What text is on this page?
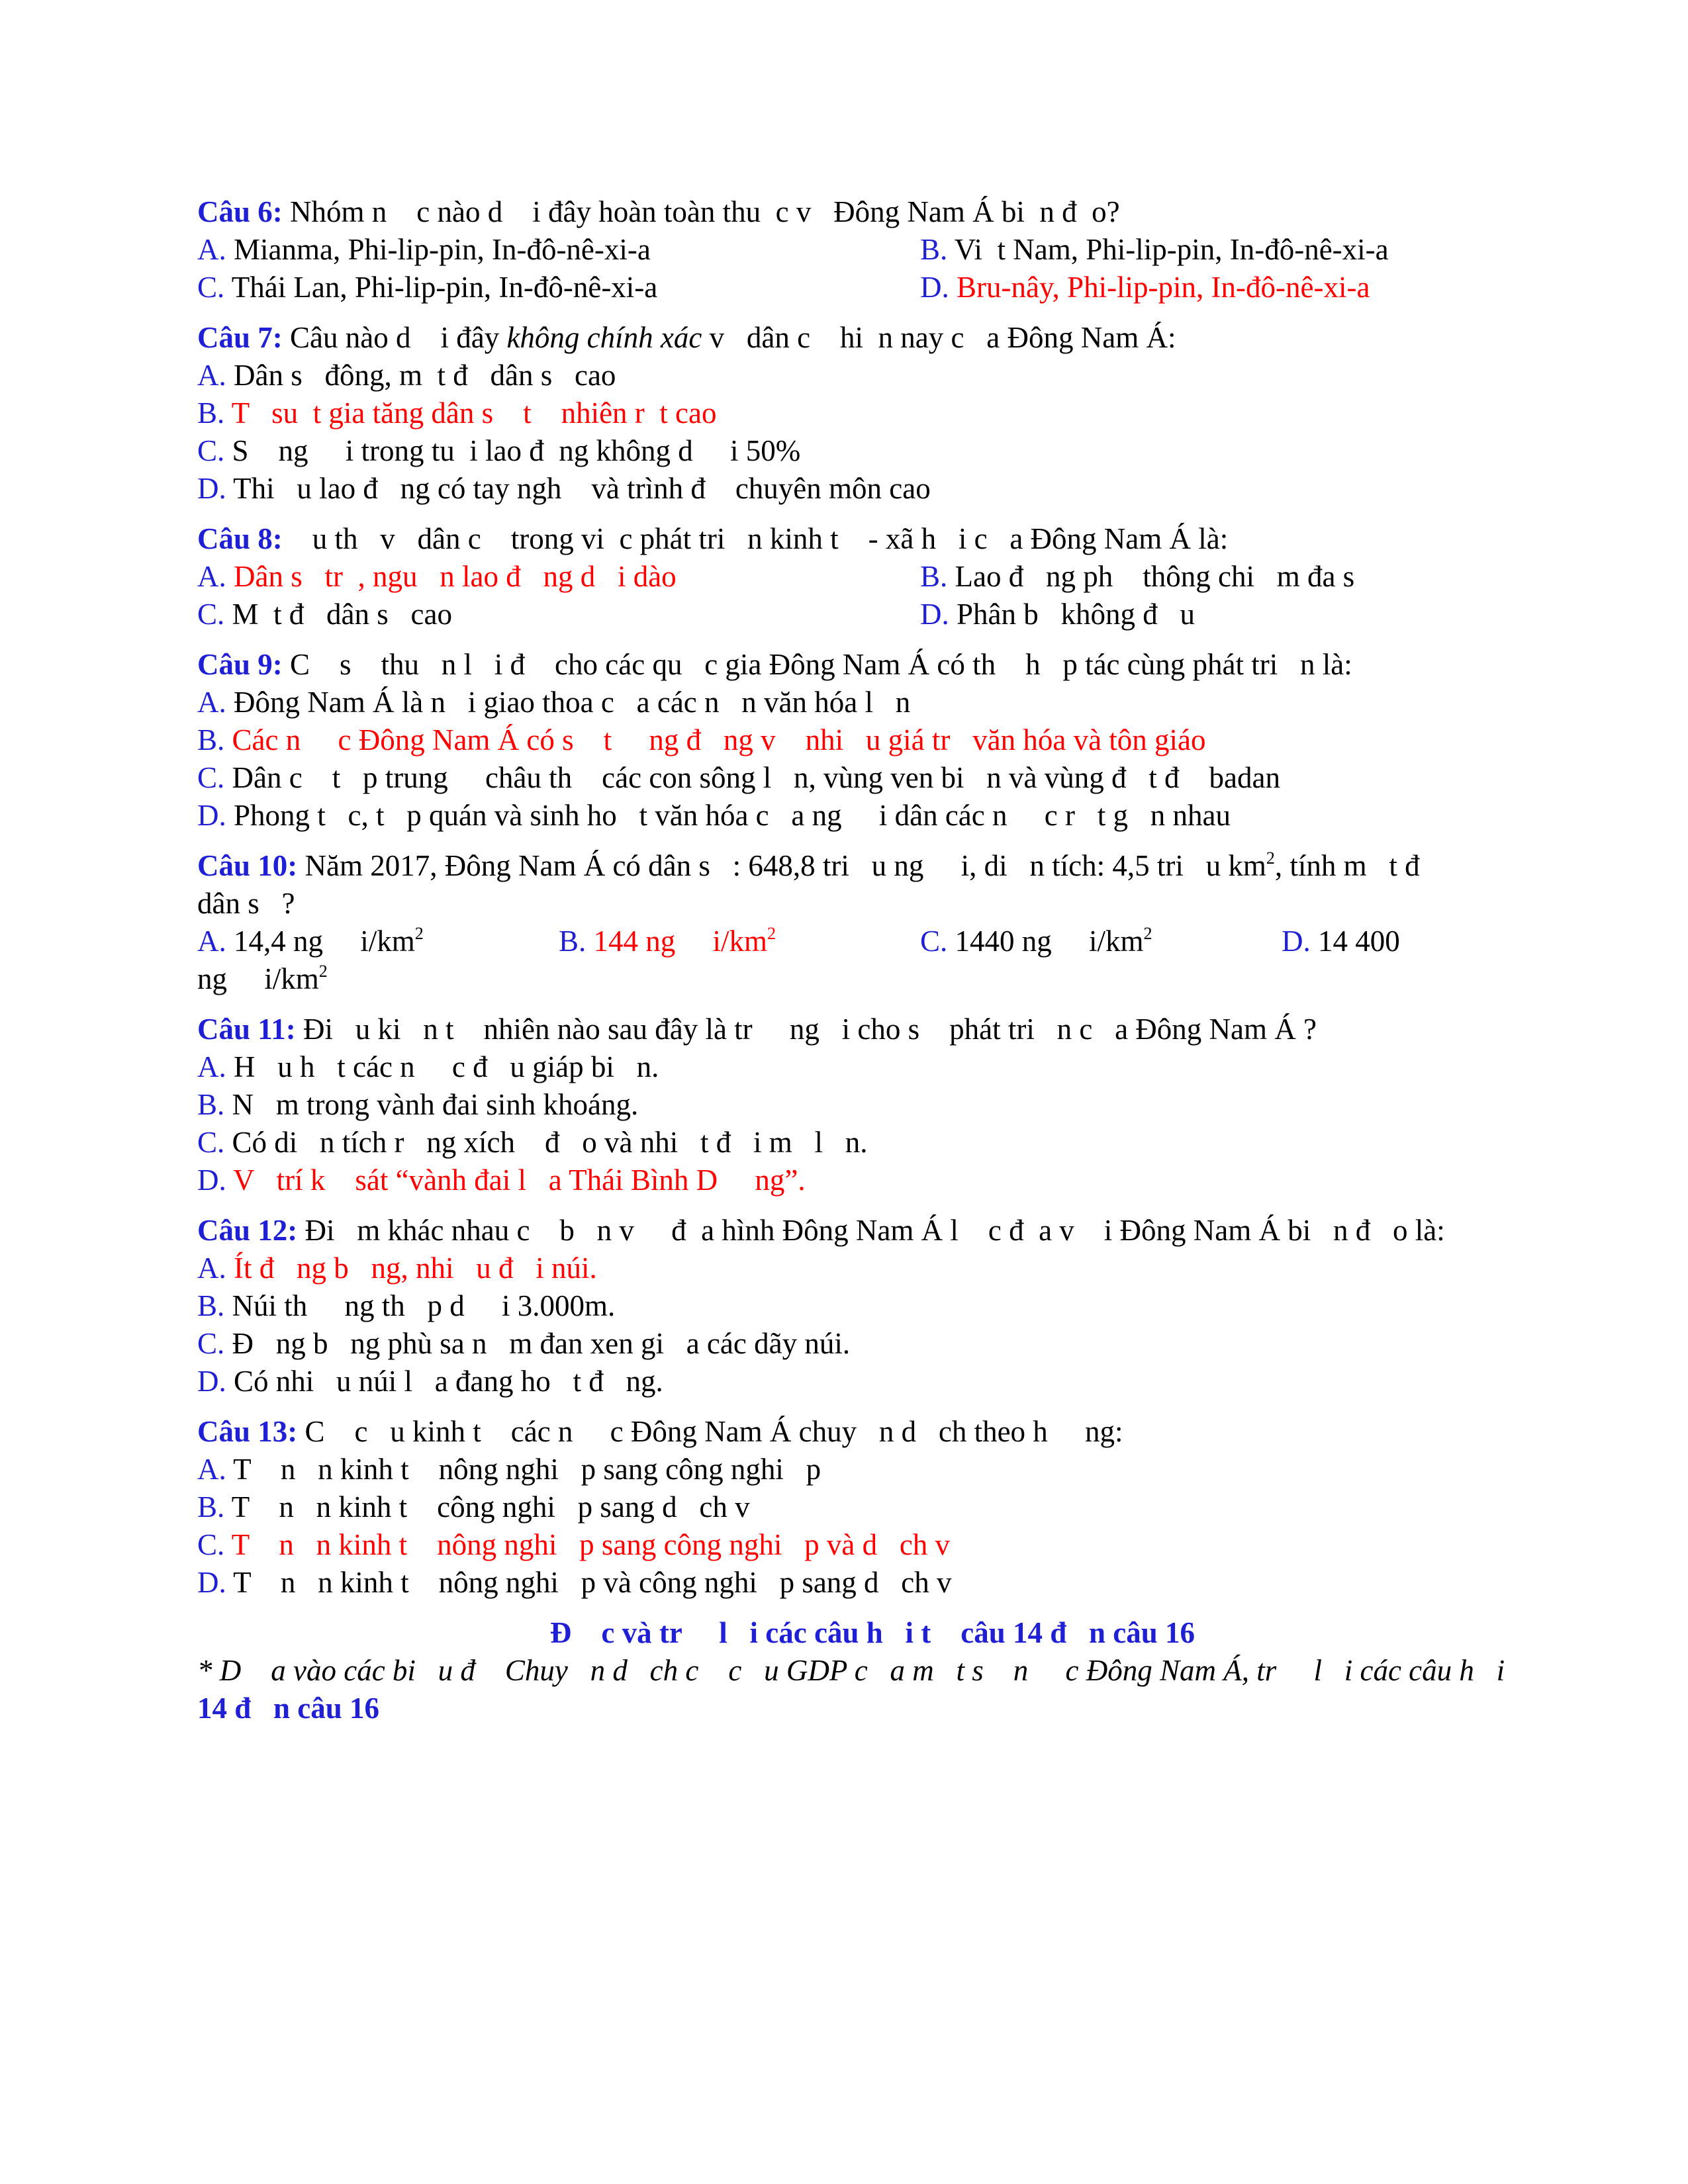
Câu 6: Nhóm n    c nào d    i đây hoàn toàn thu  c v   Đông Nam Á bi  n đ  o?
A. Mianma, Phi-lip-pin, In-đô-nê-xi-a	B. Vi  t Nam, Phi-lip-pin, In-đô-nê-xi-a
C. Thái Lan, Phi-lip-pin, In-đô-nê-xi-a	D. Bru-nây, Phi-lip-pin, In-đô-nê-xi-a
Câu 7: Câu nào d    i đây không chính xác v   dân c    hi  n nay c   a Đông Nam Á:
A. Dân s   đông, m  t đ   dân s   cao
B. T   su  t gia tăng dân s    t    nhiên r  t cao
C. S    ng     i trong tu  i lao đ  ng không d     i 50%
D. Thi   u lao đ   ng có tay ngh    và trình đ    chuyên môn cao
Câu 8:    u th   v   dân c    trong vi  c phát tri   n kinh t    - xã h   i c   a Đông Nam Á là:
A. Dân s   tr  , ngu   n lao đ   ng d   i dào	B. Lao đ   ng ph    thông chi   m đa s
C. M  t đ   dân s   cao	D. Phân b   không đ   u
Câu 9: C    s    thu   n l   i đ    cho các qu   c gia Đông Nam Á có th    h   p tác cùng phát tri   n là:
A. Đông Nam Á là n   i giao thoa c   a các n   n văn hóa l   n
B. Các n     c Đông Nam Á có s    t     ng đ   ng v    nhi   u giá tr   văn hóa và tôn giáo
C. Dân c    t   p trung     châu th    các con sông l   n, vùng ven bi   n và vùng đ   t đ    badan
D. Phong t   c, t   p quán và sinh ho   t văn hóa c   a ng     i dân các n     c r   t g   n nhau
Câu 10: Năm 2017, Đông Nam Á có dân s   : 648,8 tri   u ng     i, di   n tích: 4,5 tri   u $km^2$, tính m   t đ
dân s   ?
A. 14,4 ng     $i/km^2$	B. 144 ng     $i/km^2$	C. 1440 ng     $i/km^2$	D. 14 400
ng     $i/km^2$
Câu 11: Đi   u ki   n t    nhiên nào sau đây là tr     ng   i cho s    phát tri   n c   a Đông Nam Á ?
A. H   u h   t các n     c đ   u giáp bi   n.
B. N   m trong vành đai sinh khoáng.
C. Có di   n tích r   ng xích    đ   o và nhi   t đ   i m   l   n.
D. V   trí k    sát “vành đai l   a Thái Bình D     ng”.
Câu 12: Đi   m khác nhau c    b   n v     đ  a hình Đông Nam Á l    c đ  a v    i Đông Nam Á bi   n đ   o là:
A. Ít đ   ng b   ng, nhi   u đ   i núi.
B. Núi th     ng th   p d     i 3.000m.
C. Đ   ng b   ng phù sa n   m đan xen gi   a các dãy núi.
D. Có nhi   u núi l   a đang ho   t đ   ng.
Câu 13: C    c   u kinh t    các n     c Đông Nam Á chuy   n d   ch theo h     ng:
A. T    n   n kinh t    nông nghi   p sang công nghi   p
B. T    n   n kinh t    công nghi   p sang d   ch v
C. T    n   n kinh t    nông nghi   p sang công nghi   p và d   ch v
D. T    n   n kinh t    nông nghi   p và công nghi   p sang d   ch v
Đ    c và tr     l   i các câu h   i t    câu 14 đ   n câu 16
* D    a vào các bi   u đ    Chuy   n d   ch c    c   u GDP c   a m   t s    n     c Đông Nam Á, tr     l   i các câu h   i
14 đ   n câu 16
